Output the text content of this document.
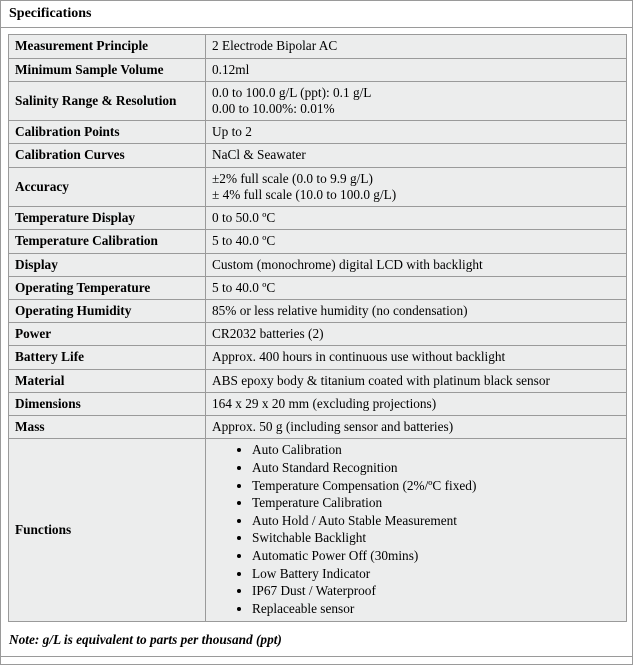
Specifications
Measurement Principle	2 Electrode Bipolar AC

Minimum Sample Volume	0.12ml

Salinity Range & Resolution	0.0 to 100.0 g/L (ppt): 0.1 g/L
0.00 to 10.00%: 0.01%

Calibration Points	Up to 2

Calibration Curves	NaCl & Seawater

Accuracy	±2% full scale (0.0 to 9.9 g/L)
± 4% full scale (10.0 to 100.0 g/L)

Temperature Display	0 to 50.0 ºC

Temperature Calibration	5 to 40.0 ºC

Display	Custom (monochrome) digital LCD with backlight

Operating Temperature	5 to 40.0 ºC

Operating Humidity	85% or less relative humidity (no condensation)

Power	CR2032 batteries (2)

Battery Life	Approx. 400 hours in continuous use without backlight

Material	ABS epoxy body & titanium coated with platinum black sensor

Dimensions	164 x 29 x 20 mm (excluding projections)

Mass	Approx. 50 g (including sensor and batteries)

Functions	
• Auto Calibration
• Auto Standard Recognition
• Temperature Compensation (2%/ºC fixed)
• Temperature Calibration
• Auto Hold / Auto Stable Measurement
• Switchable Backlight
• Automatic Power Off (30mins)
• Low Battery Indicator
• IP67 Dust / Waterproof
• Replaceable sensor
Note: g/L is equivalent to parts per thousand (ppt)
